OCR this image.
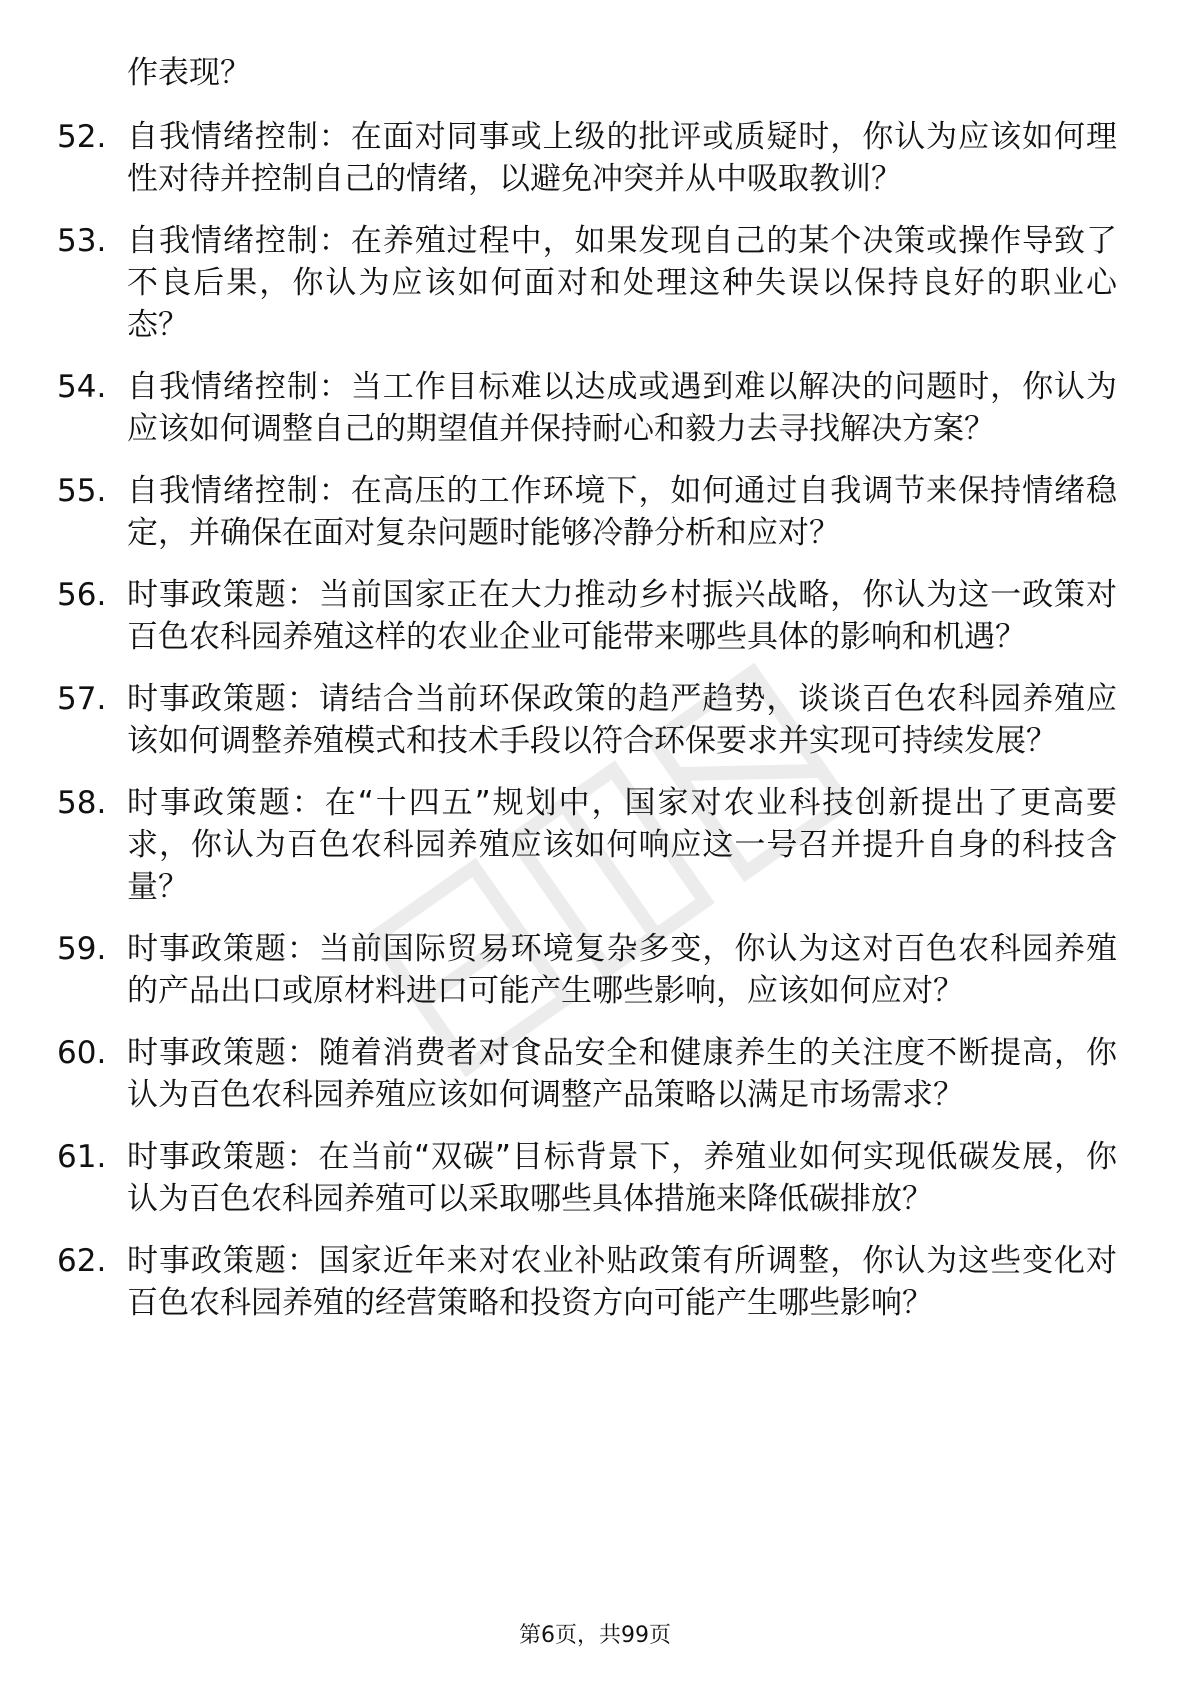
作表现？
52. 自我情绪控制：在面对同事或上级的批评或质疑时，你认为应该如何理性对待并控制自己的情绪，以避免冲突并从中吸取教训？
53. 自我情绪控制：在养殖过程中，如果发现自己的某个决策或操作导致了不良后果，你认为应该如何面对和处理这种失误以保持良好的职业心态？
54. 自我情绪控制：当工作目标难以达成或遇到难以解决的问题时，你认为应该如何调整自己的期望值并保持耐心和毅力去寻找解决方案？
55. 自我情绪控制：在高压的工作环境下，如何通过自我调节来保持情绪稳定，并确保在面对复杂问题时能够冷静分析和应对？
56. 时事政策题：当前国家正在大力推动乡村振兴战略，你认为这一政策对百色农科园养殖这样的农业企业可能带来哪些具体的影响和机遇？
57. 时事政策题：请结合当前环保政策的趋严趋势，谈谈百色农科园养殖应该如何调整养殖模式和技术手段以符合环保要求并实现可持续发展？
58. 时事政策题：在“十四五”规划中，国家对农业科技创新提出了更高要求，你认为百色农科园养殖应该如何响应这一号召并提升自身的科技含量？
59. 时事政策题：当前国际贸易环境复杂多变，你认为这对百色农科园养殖的产品出口或原材料进口可能产生哪些影响，应该如何应对？
60. 时事政策题：随着消费者对食品安全和健康养生的关注度不断提高，你认为百色农科园养殖应该如何调整产品策略以满足市场需求？
61. 时事政策题：在当前“双碳”目标背景下，养殖业如何实现低碳发展，你认为百色农科园养殖可以采取哪些具体措施来降低碳排放？
62. 时事政策题：国家近年来对农业补贴政策有所调整，你认为这些变化对百色农科园养殖的经营策略和投资方向可能产生哪些影响？
第6页，共99页
